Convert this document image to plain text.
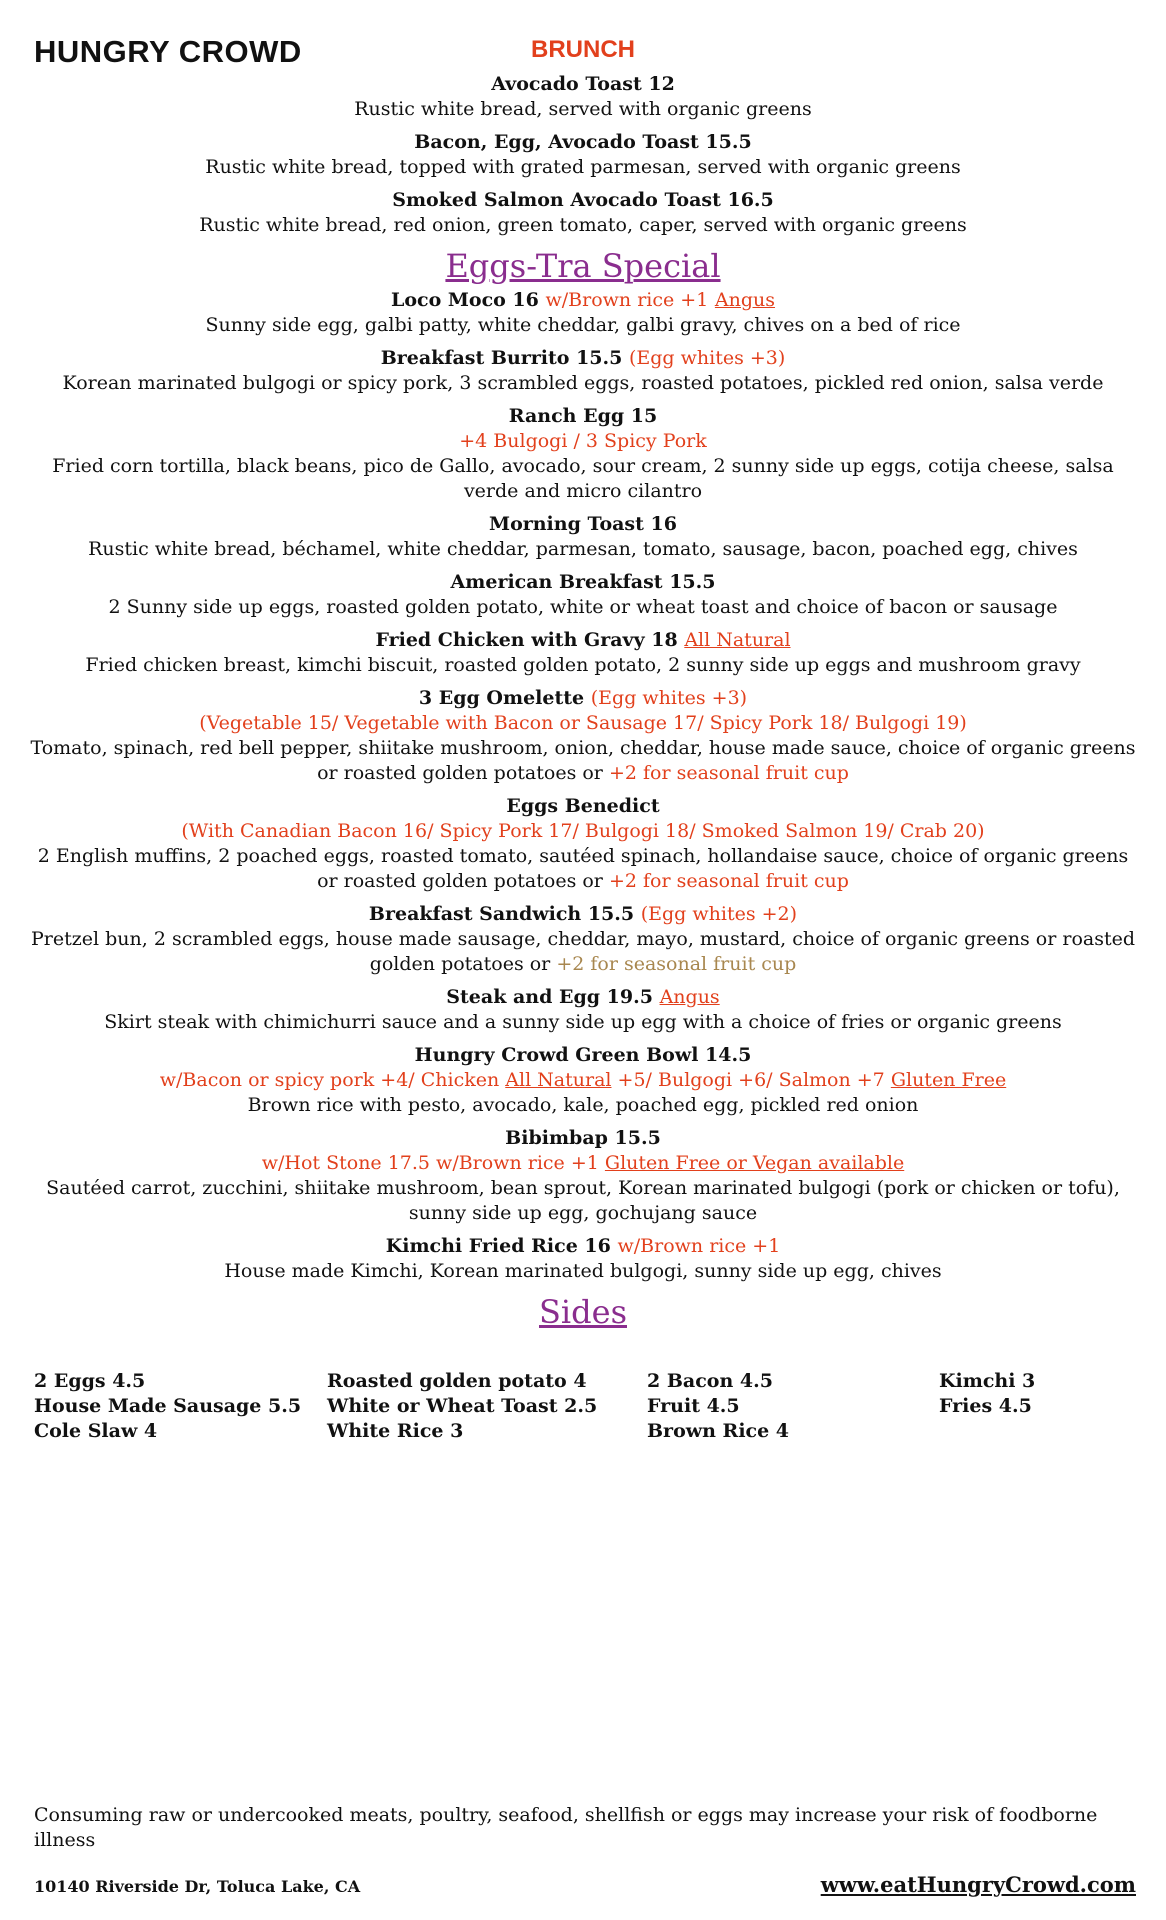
HUNGRY CROWD	BRUNCH
Avocado Toast 12
Rustic white bread, served with organic greens
Bacon, Egg, Avocado Toast 15.5
Rustic white bread, topped with grated parmesan, served with organic greens
Smoked Salmon Avocado Toast 16.5
Rustic white bread, red onion, green tomato, caper, served with organic greens
Eggs-Tra Special
Loco Moco 16 w/Brown rice +1 Angus
Sunny side egg, galbi patty, white cheddar, galbi gravy, chives on a bed of rice
Breakfast Burrito 15.5 (Egg whites +3)
Korean marinated bulgogi or spicy pork, 3 scrambled eggs, roasted potatoes, pickled red onion, salsa verde
Ranch Egg 15
+4 Bulgogi / 3 Spicy Pork
Fried corn tortilla, black beans, pico de Gallo, avocado, sour cream, 2 sunny side up eggs, cotija cheese, salsa verde and micro cilantro
Morning Toast 16
Rustic white bread, béchamel, white cheddar, parmesan, tomato, sausage, bacon, poached egg, chives
American Breakfast 15.5
2 Sunny side up eggs, roasted golden potato, white or wheat toast and choice of bacon or sausage
Fried Chicken with Gravy 18 All Natural
Fried chicken breast, kimchi biscuit, roasted golden potato, 2 sunny side up eggs and mushroom gravy
3 Egg Omelette (Egg whites +3)
(Vegetable 15/ Vegetable with Bacon or Sausage 17/ Spicy Pork 18/ Bulgogi 19)
Tomato, spinach, red bell pepper, shiitake mushroom, onion, cheddar, house made sauce, choice of organic greens or roasted golden potatoes or +2 for seasonal fruit cup
Eggs Benedict
(With Canadian Bacon 16/ Spicy Pork 17/ Bulgogi 18/ Smoked Salmon 19/ Crab 20)
2 English muffins, 2 poached eggs, roasted tomato, sautéed spinach, hollandaise sauce, choice of organic greens or roasted golden potatoes or +2 for seasonal fruit cup
Breakfast Sandwich 15.5 (Egg whites +2)
Pretzel bun, 2 scrambled eggs, house made sausage, cheddar, mayo, mustard, choice of organic greens or roasted golden potatoes or +2 for seasonal fruit cup
Steak and Egg 19.5 Angus
Skirt steak with chimichurri sauce and a sunny side up egg with a choice of fries or organic greens
Hungry Crowd Green Bowl 14.5
w/Bacon or spicy pork +4/ Chicken All Natural +5/ Bulgogi +6/ Salmon +7 Gluten Free
Brown rice with pesto, avocado, kale, poached egg, pickled red onion
Bibimbap 15.5
w/Hot Stone 17.5 w/Brown rice +1 Gluten Free or Vegan available
Sautéed carrot, zucchini, shiitake mushroom, bean sprout, Korean marinated bulgogi (pork or chicken or tofu), sunny side up egg, gochujang sauce
Kimchi Fried Rice 16 w/Brown rice +1
House made Kimchi, Korean marinated bulgogi, sunny side up egg, chives
Sides
2 Eggs 4.5
House Made Sausage 5.5
Cole Slaw 4
Roasted golden potato 4
White or Wheat Toast 2.5
White Rice 3
2 Bacon 4.5
Fruit 4.5
Brown Rice 4
Kimchi 3
Fries 4.5
Consuming raw or undercooked meats, poultry, seafood, shellfish or eggs may increase your risk of foodborne illness
10140 Riverside Dr, Toluca Lake, CA	www.eatHungryCrowd.com
